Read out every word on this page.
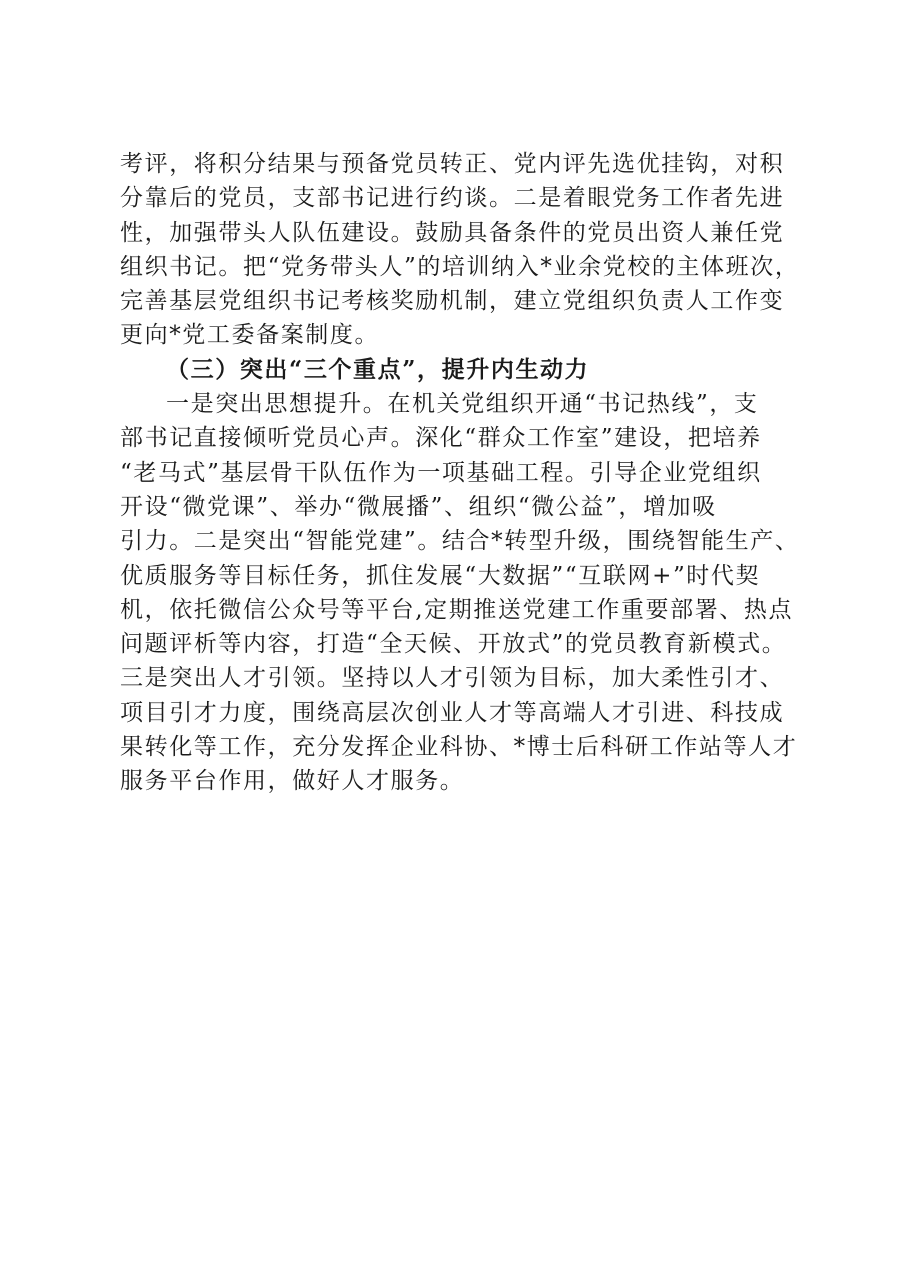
考评，将积分结果与预备党员转正、党内评先选优挂钩，对积
分靠后的党员，支部书记进行约谈。二是着眼党务工作者先进
性，加强带头人队伍建设。鼓励具备条件的党员出资人兼任党
组织书记。把“党务带头人”的培训纳入*业余党校的主体班次，
完善基层党组织书记考核奖励机制，建立党组织负责人工作变
更向*党工委备案制度。
（三）突出“三个重点”，提升内生动力
一是突出思想提升。在机关党组织开通“书记热线”，支
部书记直接倾听党员心声。深化“群众工作室”建设，把培养
“老马式”基层骨干队伍作为一项基础工程。引导企业党组织
开设“微党课”、举办“微展播”、组织“微公益”，增加吸
引力。二是突出“智能党建”。结合*转型升级，围绕智能生产、
优质服务等目标任务，抓住发展“大数据”“互联网+”时代契
机，依托微信公众号等平台,定期推送党建工作重要部署、热点
问题评析等内容，打造“全天候、开放式”的党员教育新模式。
三是突出人才引领。坚持以人才引领为目标，加大柔性引才、
项目引才力度，围绕高层次创业人才等高端人才引进、科技成
果转化等工作，充分发挥企业科协、*博士后科研工作站等人才
服务平台作用，做好人才服务。
